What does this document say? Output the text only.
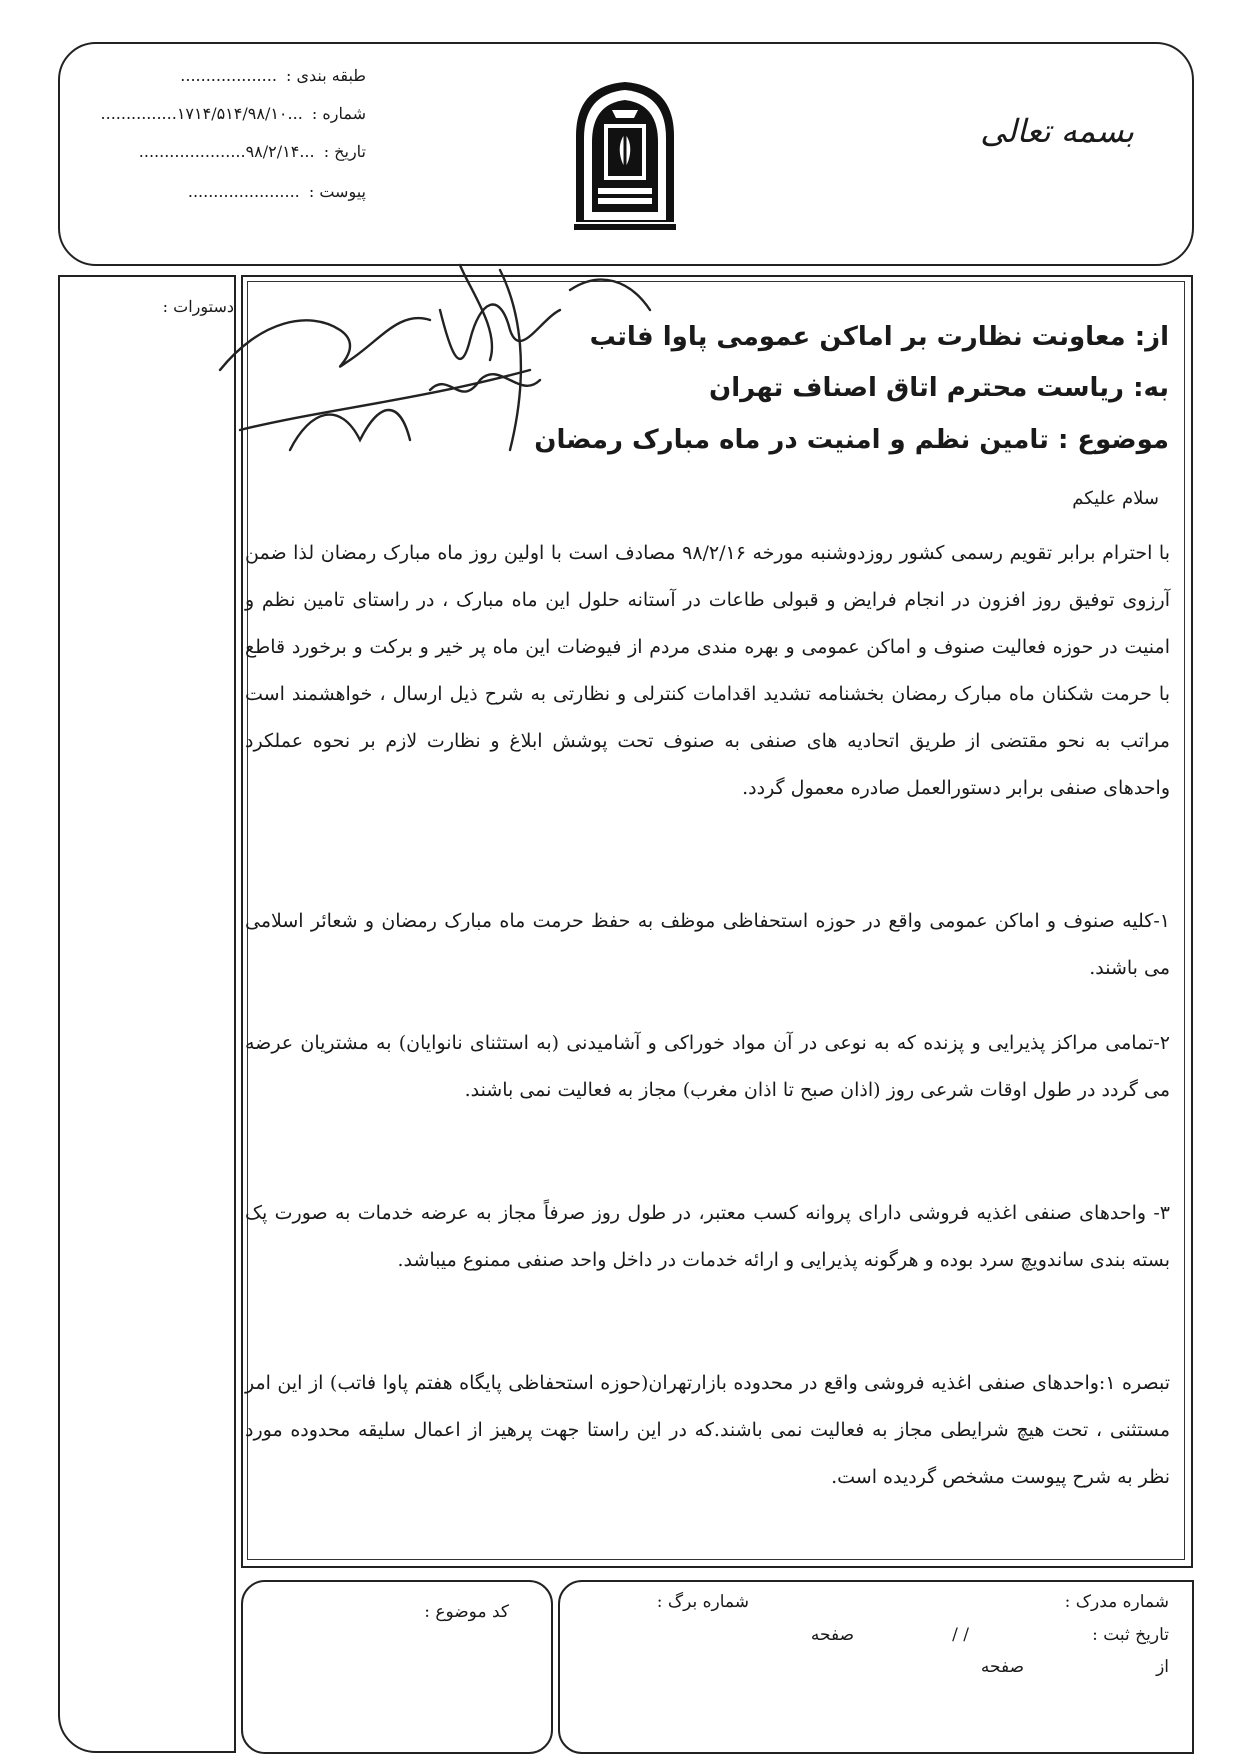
طبقه بندی : ...................
شماره : ...۱۷۱۴/۵۱۴/۹۸/۱۰...............
تاریخ : ...۹۸/۲/۱۴.....................
پیوست : ......................
بسمه تعالی
دستورات :
از: معاونت نظارت بر اماکن عمومی پاوا فاتب
به: ریاست محترم اتاق اصناف تهران
موضوع : تامین نظم و امنیت در ماه مبارک رمضان
سلام علیکم
با احترام برابر تقویم رسمی کشور روزدوشنبه مورخه ۹۸/۲/۱۶ مصادف است با اولین روز ماه مبارک رمضان لذا ضمن آرزوی توفیق روز افزون در انجام فرایض و قبولی طاعات در آستانه حلول این ماه مبارک ، در راستای تامین نظم و امنیت در حوزه فعالیت صنوف و اماکن عمومی و بهره مندی مردم از فیوضات این ماه پر خیر و برکت و برخورد قاطع با حرمت شکنان ماه مبارک رمضان بخشنامه تشدید اقدامات کنترلی و نظارتی به شرح ذیل ارسال ، خواهشمند است مراتب به نحو مقتضی از طریق اتحادیه های صنفی به صنوف تحت پوشش ابلاغ و نظارت لازم بر نحوه عملکرد واحدهای صنفی برابر دستورالعمل صادره معمول گردد.
۱-کلیه صنوف و اماکن عمومی واقع در حوزه استحفاظی موظف به حفظ حرمت ماه مبارک رمضان و شعائر اسلامی می باشند.
۲-تمامی مراکز پذیرایی و پزنده که به نوعی در آن مواد خوراکی و آشامیدنی (به استثنای نانوایان) به مشتریان عرضه می گردد در طول اوقات شرعی روز (اذان صبح تا اذان مغرب) مجاز به فعالیت نمی باشند.
۳- واحدهای صنفی اغذیه فروشی دارای پروانه کسب معتبر، در طول روز صرفاً مجاز به عرضه خدمات به صورت پک بسته بندی ساندویچ سرد بوده و هرگونه پذیرایی و ارائه خدمات در داخل واحد صنفی ممنوع میباشد.
تبصره ۱:واحدهای صنفی اغذیه فروشی واقع در محدوده بازارتهران(حوزه استحفاظی پایگاه هفتم پاوا فاتب) از این امر مستثنی ، تحت هیچ شرایطی مجاز به فعالیت نمی باشند.که در این راستا جهت پرهیز از اعمال سلیقه محدوده مورد نظر به شرح پیوست مشخص گردیده است.
شماره مدرک :
شماره برگ :
تاریخ ثبت :
/ /
صفحه
از
صفحه
کد موضوع :
